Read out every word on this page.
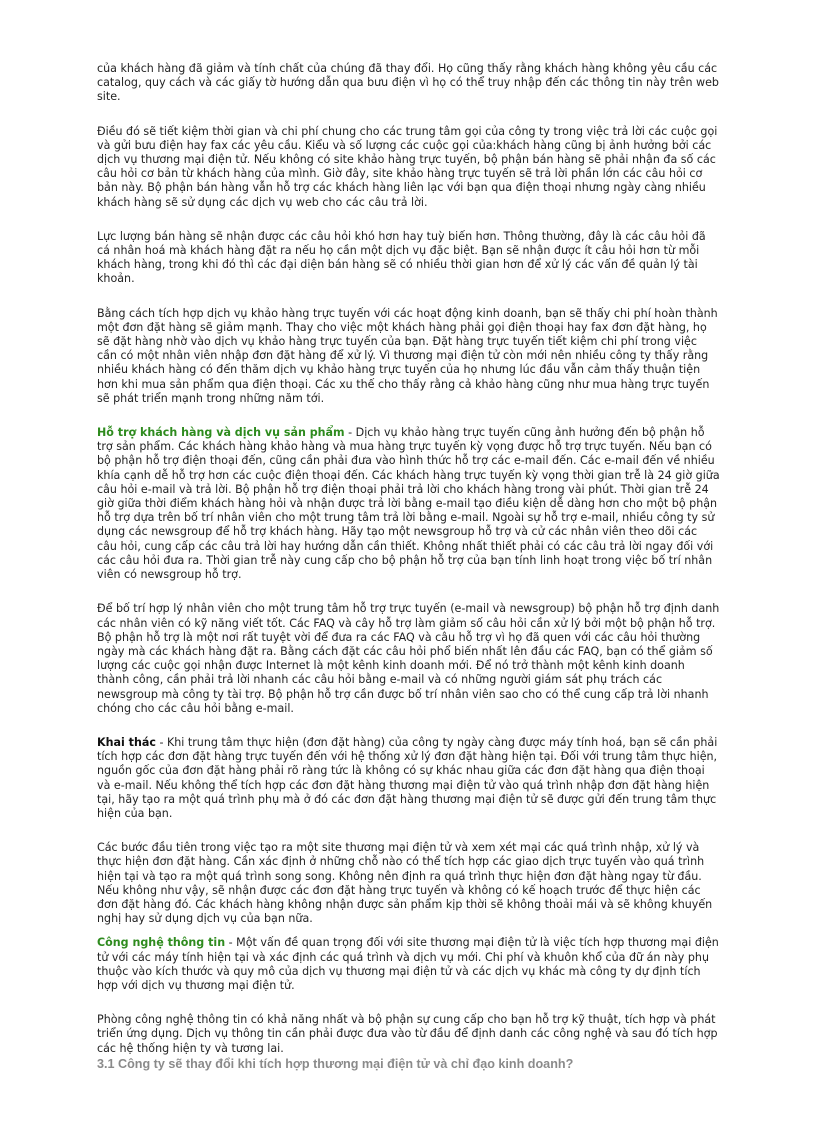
của khách hàng đã giảm và tính chất của chúng đã thay đổi. Họ cũng thấy rằng khách hàng không yêu cầu các catalog, quy cách và các giấy tờ hướng dẫn qua bưu điện vì họ có thể truy nhập đến các thông tin này trên web site.

Điều đó sẽ tiết kiệm thời gian và chi phí chung cho các trung tâm gọi của công ty trong việc trả lời các cuộc gọi và gửi bưu điện hay fax các yêu cầu. Kiểu và số lượng các cuộc gọi của:khách hàng cũng bị ảnh hưởng bởi các dịch vụ thương mại điện tử. Nếu không có site khảo hàng trực tuyến, bộ phận bán hàng sẽ phải nhận đa số các câu hỏi cơ bản từ khách hàng của mình. Giờ đây, site khảo hàng trực tuyến sẽ trả lời phần lớn các câu hỏi cơ bản này. Bộ phận bán hàng vẫn hỗ trợ các khách hàng liên lạc với bạn qua điện thoại nhưng ngày càng nhiều khách hàng sẽ sử dụng các dịch vụ web cho các câu trả lời.

Lực lượng bán hàng sẽ nhận được các câu hỏi khó hơn hay tuỳ biến hơn. Thông thường, đây là các câu hỏi đã cá nhân hoá mà khách hàng đặt ra nếu họ cần một dịch vụ đặc biệt. Bạn sẽ nhận được ít câu hỏi hơn từ mỗi khách hàng, trong khi đó thì các đại diện bán hàng sẽ có nhiều thời gian hơn để xử lý các vấn đề quản lý tài khoản.

Bằng cách tích hợp dịch vụ khảo hàng trực tuyến với các hoạt động kinh doanh, bạn sẽ thấy chi phí hoàn thành một đơn đặt hàng sẽ giảm mạnh. Thay cho việc một khách hàng phải gọi điện thoại hay fax đơn đặt hàng, họ sẽ đặt hàng nhờ vào dịch vụ khảo hàng trực tuyến của bạn. Đặt hàng trực tuyến tiết kiệm chi phí trong việc cần có một nhân viên nhập đơn đặt hàng để xử lý. Vì thương mại điện tử còn mới nên nhiều công ty thấy rằng nhiều khách hàng có đến thăm dịch vụ khảo hàng trực tuyến của họ nhưng lúc đầu vẫn cảm thấy thuận tiện hơn khi mua sản phẩm qua điện thoại. Các xu thế cho thấy rằng cả khảo hàng cũng như mua hàng trực tuyến sẽ phát triển mạnh trong những năm tới.

Hỗ trợ khách hàng và dịch vụ sản phẩm - Dịch vụ khảo hàng trực tuyến cũng ảnh hưởng đến bộ phận hỗ trợ sản phẩm. Các khách hàng khảo hàng và mua hàng trực tuyến kỳ vọng được hỗ trợ trực tuyến. Nếu bạn có bộ phận hỗ trợ điện thoại đến, cũng cần phải đưa vào hình thức hỗ trợ các e-mail đến. Các e-mail đến về nhiều khía cạnh dễ hỗ trợ hơn các cuộc điện thoại đến. Các khách hàng trực tuyến kỳ vọng thời gian trễ là 24 giờ giữa câu hỏi e-mail và trả lời. Bộ phận hỗ trợ điện thoại phải trả lời cho khách hàng trong vài phút. Thời gian trễ 24 giờ giữa thời điểm khách hàng hỏi và nhận được trả lời bằng e-mail tạo điều kiện dễ dàng hơn cho một bộ phận hỗ trợ dựa trên bố trí nhân viên cho một trung tâm trả lời bằng e-mail. Ngoài sự hỗ trợ e-mail, nhiều công ty sử dụng các newsgroup để hỗ trợ khách hàng. Hãy tạo một newsgroup hỗ trợ và cử các nhân viên theo dõi các câu hỏi, cung cấp các câu trả lời hay hướng dẫn cần thiết. Không nhất thiết phải có các câu trả lời ngay đối với các câu hỏi đưa ra. Thời gian trễ này cung cấp cho bộ phận hỗ trợ của bạn tính linh hoạt trong việc bố trí nhân viên có newsgroup hỗ trợ.

Để bố trí hợp lý nhân viên cho một trung tâm hỗ trợ trực tuyến (e-mail và newsgroup) bộ phận hỗ trợ định danh các nhân viên có kỹ năng viết tốt. Các FAQ và cây hỗ trợ làm giảm số câu hỏi cần xử lý bởi một bộ phận hỗ trợ. Bộ phận hỗ trợ là một nơi rất tuyệt vời để đưa ra các FAQ và câu hỗ trợ vì họ đã quen với các câu hỏi thường ngày mà các khách hàng đặt ra. Bằng cách đặt các câu hỏi phổ biến nhất lên đầu các FAQ, bạn có thể giảm số lượng các cuộc gọi nhận được Internet là một kênh kinh doanh mới. Để nó trở thành một kênh kinh doanh thành công, cần phải trả lời nhanh các câu hỏi bằng e-mail và có những người giám sát phụ trách các newsgroup mà công ty tài trợ. Bộ phận hỗ trợ cần được bố trí nhân viên sao cho có thể cung cấp trả lời nhanh chóng cho các câu hỏi bằng e-mail.

Khai thác - Khi trung tâm thực hiện (đơn đặt hàng) của công ty ngày càng được máy tính hoá, bạn sẽ cần phải tích hợp các đơn đặt hàng trực tuyến đến với hệ thống xử lý đơn đặt hàng hiện tại. Đối với trung tâm thực hiện, nguồn gốc của đơn đặt hàng phải rõ ràng tức là không có sự khác nhau giữa các đơn đặt hàng qua điện thoại và e-mail. Nếu không thể tích hợp các đơn đặt hàng thương mại điện tử vào quá trình nhập đơn đặt hàng hiện tại, hãy tạo ra một quá trình phụ mà ở đó các đơn đặt hàng thương mại điện tử sẽ được gửi đến trung tâm thực hiện của bạn.

Các bước đầu tiên trong việc tạo ra một site thương mại điện tử và xem xét mại các quá trình nhập, xử lý và thực hiện đơn đặt hàng. Cần xác định ở những chỗ nào có thể tích hợp các giao dịch trực tuyến vào quá trình hiện tại và tạo ra một quá trình song song. Không nên định ra quá trình thực hiện đơn đặt hàng ngay từ đầu. Nếu không như vậy, sẽ nhận được các đơn đặt hàng trực tuyến và không có kế hoạch trước để thực hiện các đơn đặt hàng đó. Các khách hàng không nhận được sản phẩm kịp thời sẽ không thoải mái và sẽ không khuyến nghị hay sử dụng dịch vụ của bạn nữa.

Công nghệ thông tin - Một vấn đề quan trọng đối với site thương mại điện tử là việc tích hợp thương mại điện tử với các máy tính hiện tại và xác định các quá trình và dịch vụ mới. Chi phí và khuôn khổ của đữ án này phụ thuộc vào kích thước và quy mô của dịch vụ thương mại điện tử và các dịch vụ khác mà công ty dự định tích hợp với dịch vụ thương mại điện tử.

Phòng công nghệ thông tin có khả năng nhất và bộ phận sự cung cấp cho bạn hỗ trợ kỹ thuật, tích hợp và phát triển ứng dụng. Dịch vụ thông tin cần phải được đưa vào từ đầu để định danh các công nghệ và sau đó tích hợp các hệ thống hiện ty và tương lai.

3.1 Công ty sẽ thay đổi khi tích hợp thương mại điện tử và chỉ đạo kinh doanh?
